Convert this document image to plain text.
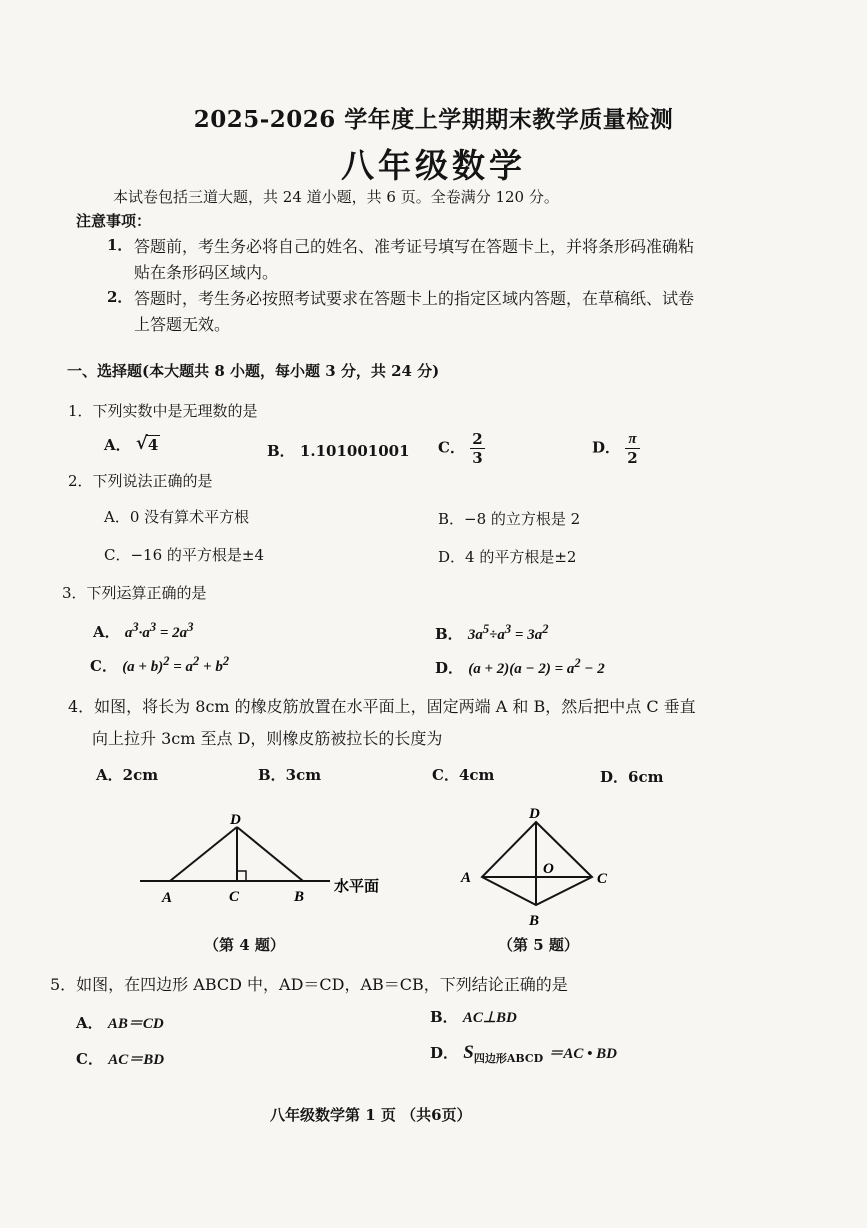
2025-2026 学年度上学期期末教学质量检测
八年级数学
本试卷包括三道大题，共 24 道小题，共 6 页。全卷满分 120 分。
注意事项：
1． 答题前，考生务必将自己的姓名、准考证号填写在答题卡上，并将条形码准确粘
贴在条形码区域内。
2． 答题时，考生务必按照考试要求在答题卡上的指定区域内答题，在草稿纸、试卷
上答题无效。
一、选择题(本大题共 8 小题，每小题 3 分，共 24 分)
1．下列实数中是无理数的是
A． √ 4	B． 1.101001001 C． $\frac{2}{3}$	D． $\frac{\pi}{2}$
2．下列说法正确的是
A．0 没有算术平方根	B．−8 的立方根是 2
C．−16 的平方根是±4	D．4 的平方根是±2
3．下列运算正确的是
A． $a^3\cdot a^3 = 2a^3$	B． $3a^5\div a^3 = 3a^2$
C． $(a + b)^2 = a^2 + b^2$	D． $(a + 2)(a - 2) = a^2 - 2$
4．如图，将长为 8cm 的橡皮筋放置在水平面上，固定两端 A 和 B，然后把中点 C 垂直
向上拉升 3cm 至点 D，则橡皮筋被拉长的长度为
A．2cm	B．3cm	C．4cm	D．6cm
A	C	B
D
水平面
（第 4 题）
D
A	C
O
B
（第 5 题）
5．如图，在四边形 ABCD 中，AD＝CD，AB＝CB，下列结论正确的是
A． AB＝CD	B． AC⊥BD
C． AC＝BD	D． $S_{四边形ABCD} =AC$ • BD
八年级数学第 1 页 （共6页）
